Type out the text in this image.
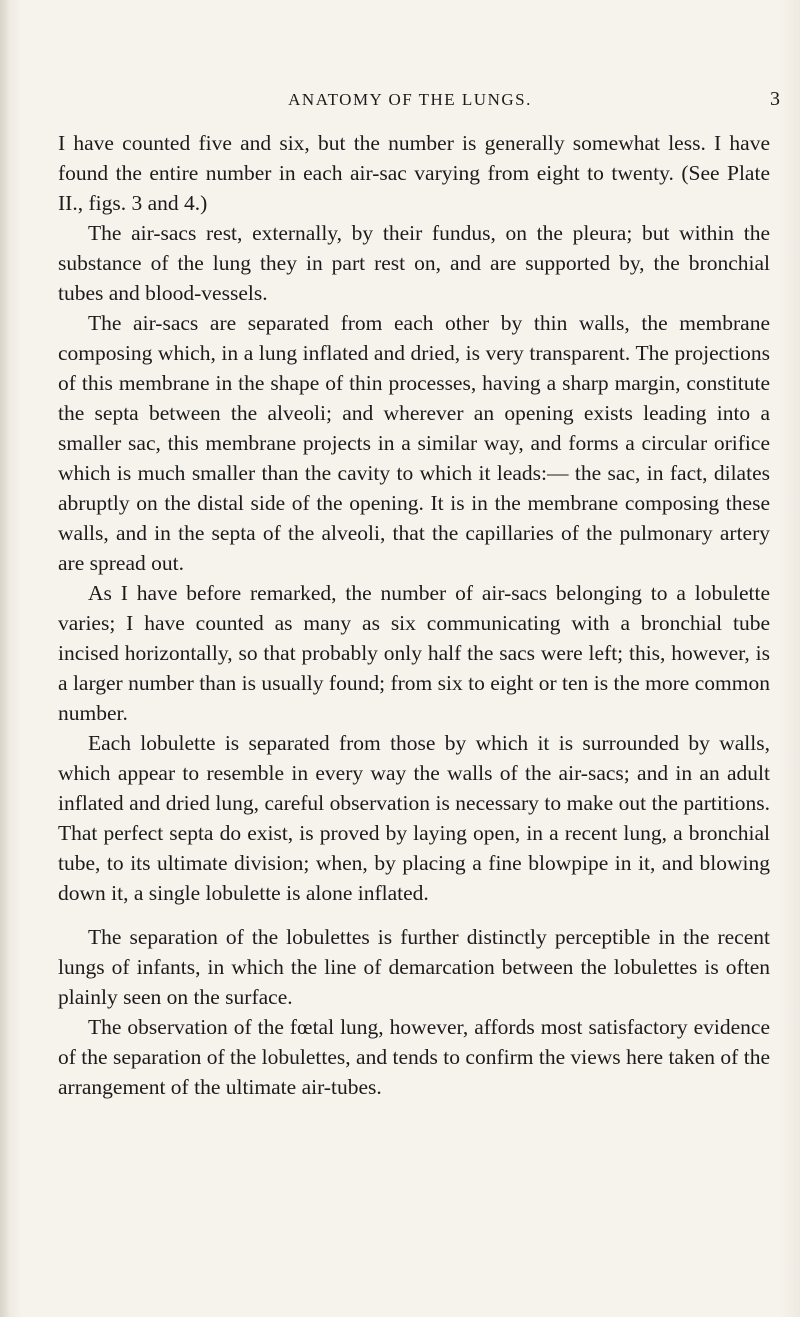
ANATOMY OF THE LUNGS.	3

I have counted five and six, but the number is generally somewhat less. I have found the entire number in each air-sac varying from eight to twenty. (See Plate II., figs. 3 and 4.)

The air-sacs rest, externally, by their fundus, on the pleura; but within the substance of the lung they in part rest on, and are supported by, the bronchial tubes and blood-vessels.

The air-sacs are separated from each other by thin walls, the membrane composing which, in a lung inflated and dried, is very transparent. The projections of this membrane in the shape of thin processes, having a sharp margin, constitute the septa between the alveoli; and wherever an opening exists leading into a smaller sac, this membrane projects in a similar way, and forms a circular orifice which is much smaller than the cavity to which it leads:— the sac, in fact, dilates abruptly on the distal side of the opening. It is in the membrane composing these walls, and in the septa of the alveoli, that the capillaries of the pulmonary artery are spread out.

As I have before remarked, the number of air-sacs belonging to a lobulette varies; I have counted as many as six communicating with a bronchial tube incised horizontally, so that probably only half the sacs were left; this, however, is a larger number than is usually found; from six to eight or ten is the more common number.

Each lobulette is separated from those by which it is surrounded by walls, which appear to resemble in every way the walls of the air-sacs; and in an adult inflated and dried lung, careful observation is necessary to make out the partitions. That perfect septa do exist, is proved by laying open, in a recent lung, a bronchial tube, to its ultimate division; when, by placing a fine blowpipe in it, and blowing down it, a single lobulette is alone inflated.

The separation of the lobulettes is further distinctly perceptible in the recent lungs of infants, in which the line of demarcation between the lobulettes is often plainly seen on the surface.

The observation of the fœtal lung, however, affords most satisfactory evidence of the separation of the lobulettes, and tends to confirm the views here taken of the arrangement of the ultimate air-tubes.
